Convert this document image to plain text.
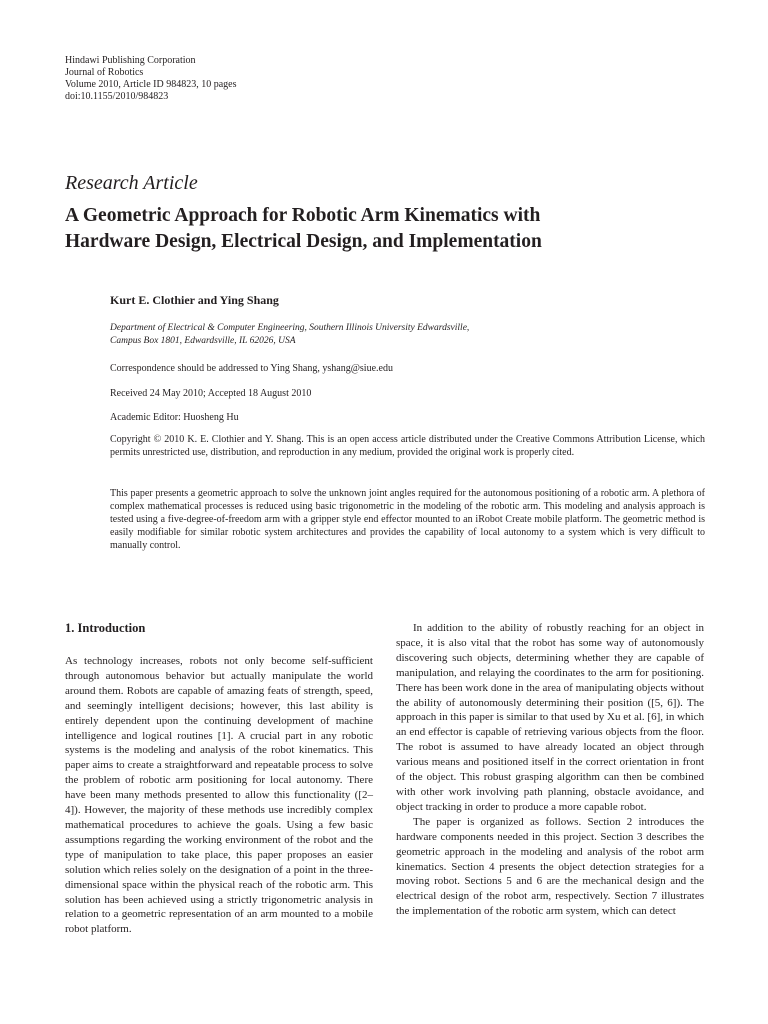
Hindawi Publishing Corporation
Journal of Robotics
Volume 2010, Article ID 984823, 10 pages
doi:10.1155/2010/984823
Research Article
A Geometric Approach for Robotic Arm Kinematics with
Hardware Design, Electrical Design, and Implementation
Kurt E. Clothier and Ying Shang
Department of Electrical & Computer Engineering, Southern Illinois University Edwardsville,
Campus Box 1801, Edwardsville, IL 62026, USA
Correspondence should be addressed to Ying Shang, yshang@siue.edu
Received 24 May 2010; Accepted 18 August 2010
Academic Editor: Huosheng Hu
Copyright © 2010 K. E. Clothier and Y. Shang. This is an open access article distributed under the Creative Commons Attribution License, which permits unrestricted use, distribution, and reproduction in any medium, provided the original work is properly cited.
This paper presents a geometric approach to solve the unknown joint angles required for the autonomous positioning of a robotic arm. A plethora of complex mathematical processes is reduced using basic trigonometric in the modeling of the robotic arm. This modeling and analysis approach is tested using a five-degree-of-freedom arm with a gripper style end effector mounted to an iRobot Create mobile platform. The geometric method is easily modifiable for similar robotic system architectures and provides the capability of local autonomy to a system which is very difficult to manually control.
1. Introduction

As technology increases, robots not only become self-sufficient through autonomous behavior but actually manipulate the world around them. Robots are capable of amazing feats of strength, speed, and seemingly intelligent decisions; however, this last ability is entirely dependent upon the continuing development of machine intelligence and logical routines [1]. A crucial part in any robotic systems is the modeling and analysis of the robot kinematics. This paper aims to create a straightforward and repeatable process to solve the problem of robotic arm positioning for local autonomy. There have been many methods presented to allow this functionality ([2–4]). However, the majority of these methods use incredibly complex mathematical procedures to achieve the goals. Using a few basic assumptions regarding the working environment of the robot and the type of manipulation to take place, this paper proposes an easier solution which relies solely on the designation of a point in the three-dimensional space within the physical reach of the robotic arm. This solution has been achieved using a strictly trigonometric analysis in relation to a geometric representation of an arm mounted to a mobile robot platform.

In addition to the ability of robustly reaching for an object in space, it is also vital that the robot has some way of autonomously discovering such objects, determining whether they are capable of manipulation, and relaying the coordinates to the arm for positioning. There has been work done in the area of manipulating objects without the ability of autonomously determining their position ([5, 6]). The approach in this paper is similar to that used by Xu et al. [6], in which an end effector is capable of retrieving various objects from the floor. The robot is assumed to have already located an object through various means and positioned itself in the correct orientation in front of the object. This robust grasping algorithm can then be combined with other work involving path planning, obstacle avoidance, and object tracking in order to produce a more capable robot.

The paper is organized as follows. Section 2 introduces the hardware components needed in this project. Section 3 describes the geometric approach in the modeling and analysis of the robot arm kinematics. Section 4 presents the object detection strategies for a moving robot. Sections 5 and 6 are the mechanical design and the electrical design of the robot arm, respectively. Section 7 illustrates the implementation of the robotic arm system, which can detect
